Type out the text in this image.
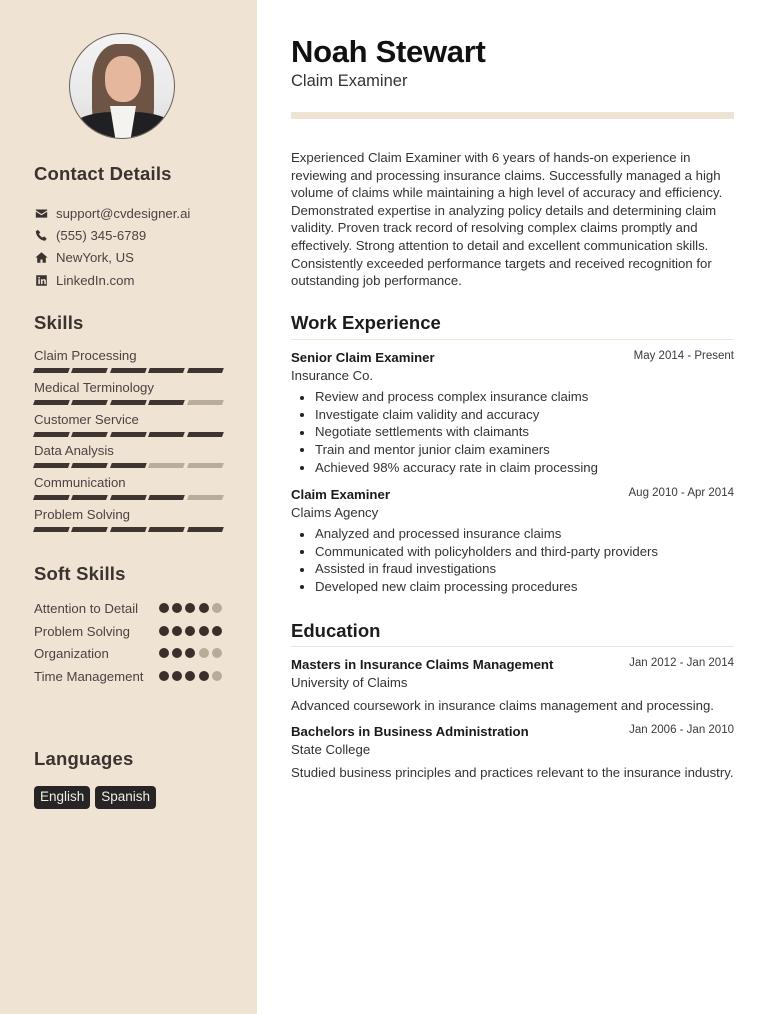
Contact Details
support@cvdesigner.ai
(555) 345-6789
NewYork, US
LinkedIn.com
Skills
Claim Processing
Medical Terminology
Customer Service
Data Analysis
Communication
Problem Solving
Soft Skills
Attention to Detail
Problem Solving
Organization
Time Management
Languages
English	Spanish
Noah Stewart
Claim Examiner

Experienced Claim Examiner with 6 years of hands-on experience in reviewing and processing insurance claims. Successfully managed a high volume of claims while maintaining a high level of accuracy and efficiency. Demonstrated expertise in analyzing policy details and determining claim validity. Proven track record of resolving complex claims promptly and effectively. Strong attention to detail and excellent communication skills. Consistently exceeded performance targets and received recognition for outstanding job performance.

Work Experience
Senior Claim Examiner	May 2014 - Present
Insurance Co.
Review and process complex insurance claims
Investigate claim validity and accuracy
Negotiate settlements with claimants
Train and mentor junior claim examiners
Achieved 98% accuracy rate in claim processing
Claim Examiner	Aug 2010 - Apr 2014
Claims Agency
Analyzed and processed insurance claims
Communicated with policyholders and third-party providers
Assisted in fraud investigations
Developed new claim processing procedures
Education
Masters in Insurance Claims Management	Jan 2012 - Jan 2014
University of Claims
Advanced coursework in insurance claims management and processing.
Bachelors in Business Administration	Jan 2006 - Jan 2010
State College
Studied business principles and practices relevant to the insurance industry.
